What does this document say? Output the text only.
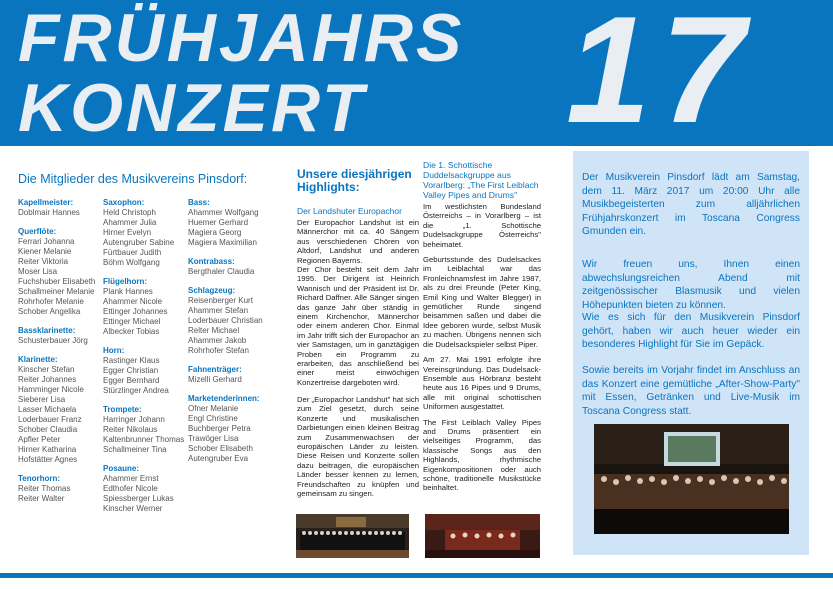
FRÜHJAHRS
KONZERT 17
Die Mitglieder des Musikvereins Pinsdorf:
Kapellmeister:
Doblmair Hannes
Querflöte:
Ferrari Johanna
Kiener Melanie
Reiter Viktoria
Moser Lisa
Fuchshuber Elisabeth
Schallmeiner Melanie
Rohrhofer Melanie
Schober Angelika
Bassklarinette:
Schusterbauer Jörg
Klarinette:
Kinscher Stefan
Reiter Johannes
Hamminger Nicole
Sieberer Lisa
Lasser Michaela
Loderbauer Franz
Schober Claudia
Apfler Peter
Hirner Katharina
Hofstätter Agnes
Tenorhorn:
Reiter Thomas
Reiter Walter
Saxophon:
Held Christoph
Ahammer Julia
Hirner Evelyn
Autengruber Sabine
Fürtbauer Judith
Böhm Wolfgang
Flügelhorn:
Plank Hannes
Ahammer Nicole
Ettinger Johannes
Ettinger Michael
Albecker Tobias
Horn:
Rastinger Klaus
Egger Christian
Egger Bernhard
Stürzlinger Andrea
Trompete:
Harringer Johann
Reiter Nikolaus
Kaltenbrunner Thomas
Schallmeiner Tina
Posaune:
Ahammer Ernst
Edthofer Nicole
Spiessberger Lukas
Kinscher Werner
Bass:
Ahammer Wolfgang
Huemer Gerhard
Magiera Georg
Magiera Maximilian
Kontrabass:
Bergthaler Claudia
Schlagzeug:
Reisenberger Kurt
Ahammer Stefan
Loderbauer Christian
Relter Michael
Ahammer Jakob
Rohrhofer Stefan
Fahnenträger:
Mizelli Gerhard
Marketenderinnen:
Ofner Melanie
Engl Christine
Buchberger Petra
Trawöger Lisa
Schober Elisabeth
Autengruber Eva
Unsere diesjährigen Highlights:
Der Landshuter Europachor
Der Europachor Landshut ist ein Männerchor mit ca. 40 Sängern aus verschiedenen Chören von Altdorf, Landshut und anderen Regionen Bayerns.
Der Chor besteht seit dem Jahr 1995. Der Dirigent ist Heinrich Wannisch und der Präsident ist Dr. Richard Daffner. Alle Sänger singen das ganze Jahr über ständig in einem Kirchenchor, Männerchor oder einem anderen Chor. Einmal im Jahr trifft sich der Europachor an vier Samstagen, um in ganztägigen Proben ein Programm zu erarbeiten, das anschließend bei einer meist einwöchigen Konzertreise dargeboten wird.
Der „Europachor Landshut" hat sich zum Ziel gesetzt, durch seine Konzerte und musikalischen Darbietungen einen kleinen Beitrag zum Zusammenwachsen der europäischen Länder zu leisten. Diese Reisen und Konzerte sollen dazu beitragen, die europäischen Länder besser kennen zu lernen, Freundschaften zu knüpfen und gemeinsam zu singen.
Die 1. Schottische Duddelsackgruppe aus Vorarlberg: „The First Leiblach Valley Pipes and Drums"
Im westlichsten Bundesland Österreichs – in Vorarlberg – ist die „1. Schottische Dudelsackgruppe Österreichs" beheimatet.
Geburtsstunde des Dudelsackes im Leiblachtal war das Fronleichnamsfest im Jahre 1987, als zu drei Freunde (Peter King, Emil King und Walter Blegger) in gemütlicher Runde singend beisammen saßen und dabei die Idee geboren wurde, selbst Musik zu machen. Übrigens nennen sich die Dudelsackspieler selbst Piper.
Am 27. Mai 1991 erfolgte ihre Vereinsgründung. Das Dudelsack-Ensemble aus Hörbranz besteht heute aus 16 Pipes und 9 Drums, alle mit original schottischen Uniformen ausgestattet.
The First Leiblach Valley Pipes and Drums präsentiert ein vielseitiges Programm, das klassische Songs aus den Highlands, rhythmische Eigenkompositionen oder auch schöne, traditionelle Musikstücke beinhaltet.
Der Musikverein Pinsdorf lädt am Samstag, dem 11. März 2017 um 20:00 Uhr alle Musikbegeisterten zum alljährlichen Frühjahrskonzert im Toscana Congress Gmunden ein.
Wir freuen uns, Ihnen einen abwechslungsreichen Abend mit zeitgenössischer Blasmusik und vielen Höhepunkten bieten zu können.
Wie es sich für den Musikverein Pinsdorf gehört, haben wir auch heuer wieder ein besonderes Highlight für Sie im Gepäck.
Sowie bereits im Vorjahr findet im Anschluss an das Konzert eine gemütliche „After-Show-Party" mit Essen, Getränken und Live-Musik im Toscana Congress statt.
